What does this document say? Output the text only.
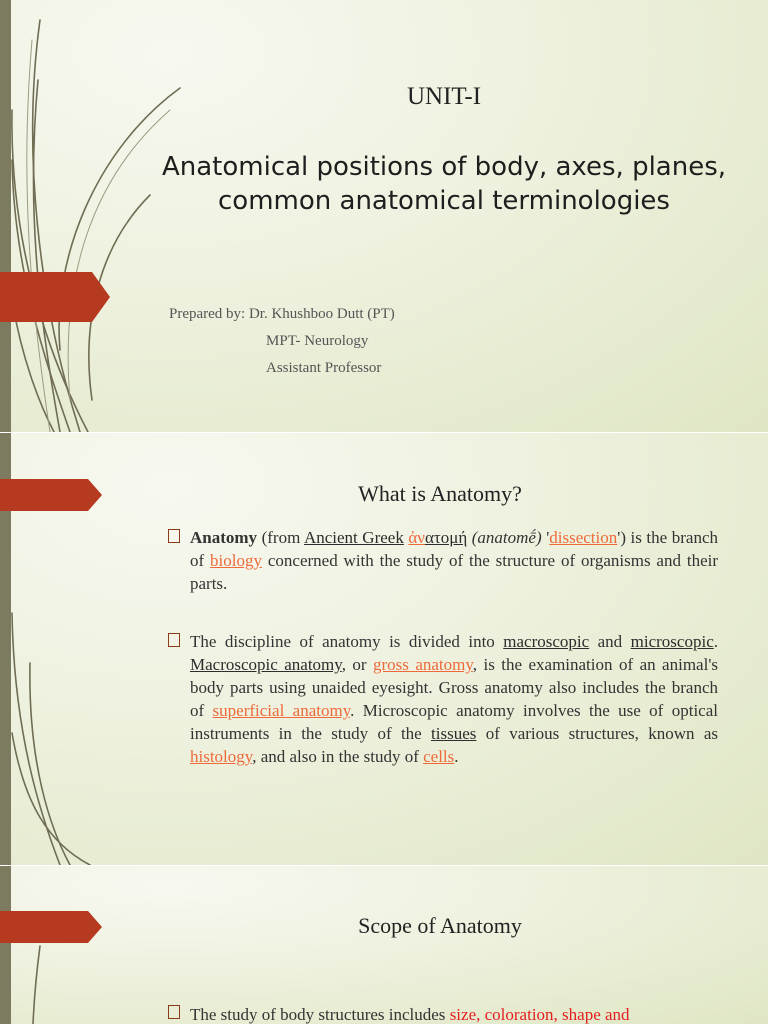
UNIT-I
Anatomical positions of body, axes, planes, common anatomical terminologies
Prepared by: Dr. Khushboo Dutt (PT)
MPT- Neurology
Assistant Professor
What is Anatomy?
Anatomy (from Ancient Greek ἀνατομή (anatomḗ) 'dissection') is the branch of biology concerned with the study of the structure of organisms and their parts.
The discipline of anatomy is divided into macroscopic and microscopic. Macroscopic anatomy, or gross anatomy, is the examination of an animal's body parts using unaided eyesight. Gross anatomy also includes the branch of superficial anatomy. Microscopic anatomy involves the use of optical instruments in the study of the tissues of various structures, known as histology, and also in the study of cells.
Scope of Anatomy
The study of body structures includes size, coloration, shape and
